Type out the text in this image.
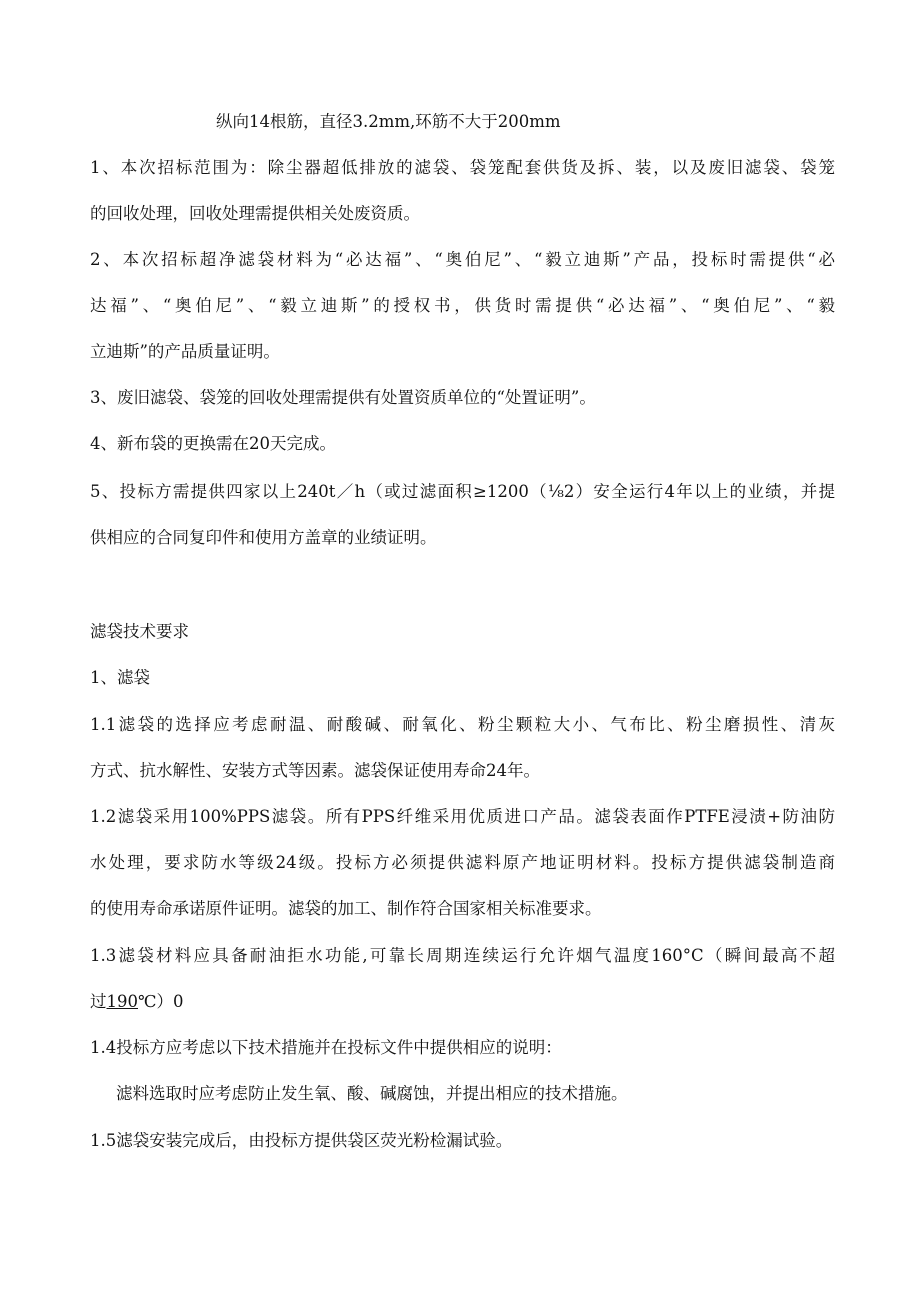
纵向14根筋，直径3.2mm,环筋不大于200mm
1、本次招标范围为：除尘器超低排放的滤袋、袋笼配套供货及拆、装，以及废旧滤袋、袋笼
的回收处理，回收处理需提供相关处废资质。
2、本次招标超净滤袋材料为“必达福”、“奥伯尼”、“毅立迪斯”产品，投标时需提供“必
达福”、“奥伯尼”、“毅立迪斯”的授权书，供货时需提供“必达福”、“奥伯尼”、“毅
立迪斯”的产品质量证明。
3、废旧滤袋、袋笼的回收处理需提供有处置资质单位的“处置证明”。
4、新布袋的更换需在20天完成。
5、投标方需提供四家以上240t／h（或过滤面积≥1200（⅛2）安全运行4年以上的业绩，并提
供相应的合同复印件和使用方盖章的业绩证明。
滤袋技术要求
1、滤袋
1.1滤袋的选择应考虑耐温、耐酸碱、耐氧化、粉尘颗粒大小、气布比、粉尘磨损性、清灰
方式、抗水解性、安装方式等因素。滤袋保证使用寿命24年。
1.2滤袋采用100%PPS滤袋。所有PPS纤维采用优质进口产品。滤袋表面作PTFE浸渍+防油防
水处理，要求防水等级24级。投标方必须提供滤料原产地证明材料。投标方提供滤袋制造商
的使用寿命承诺原件证明。滤袋的加工、制作符合国家相关标准要求。
1.3滤袋材料应具备耐油拒水功能,可靠长周期连续运行允许烟气温度160°C（瞬间最高不超
过190℃）0
1.4投标方应考虑以下技术措施并在投标文件中提供相应的说明：
滤料选取时应考虑防止发生氧、酸、碱腐蚀，并提出相应的技术措施。
1.5滤袋安装完成后，由投标方提供袋区荧光粉检漏试验。
